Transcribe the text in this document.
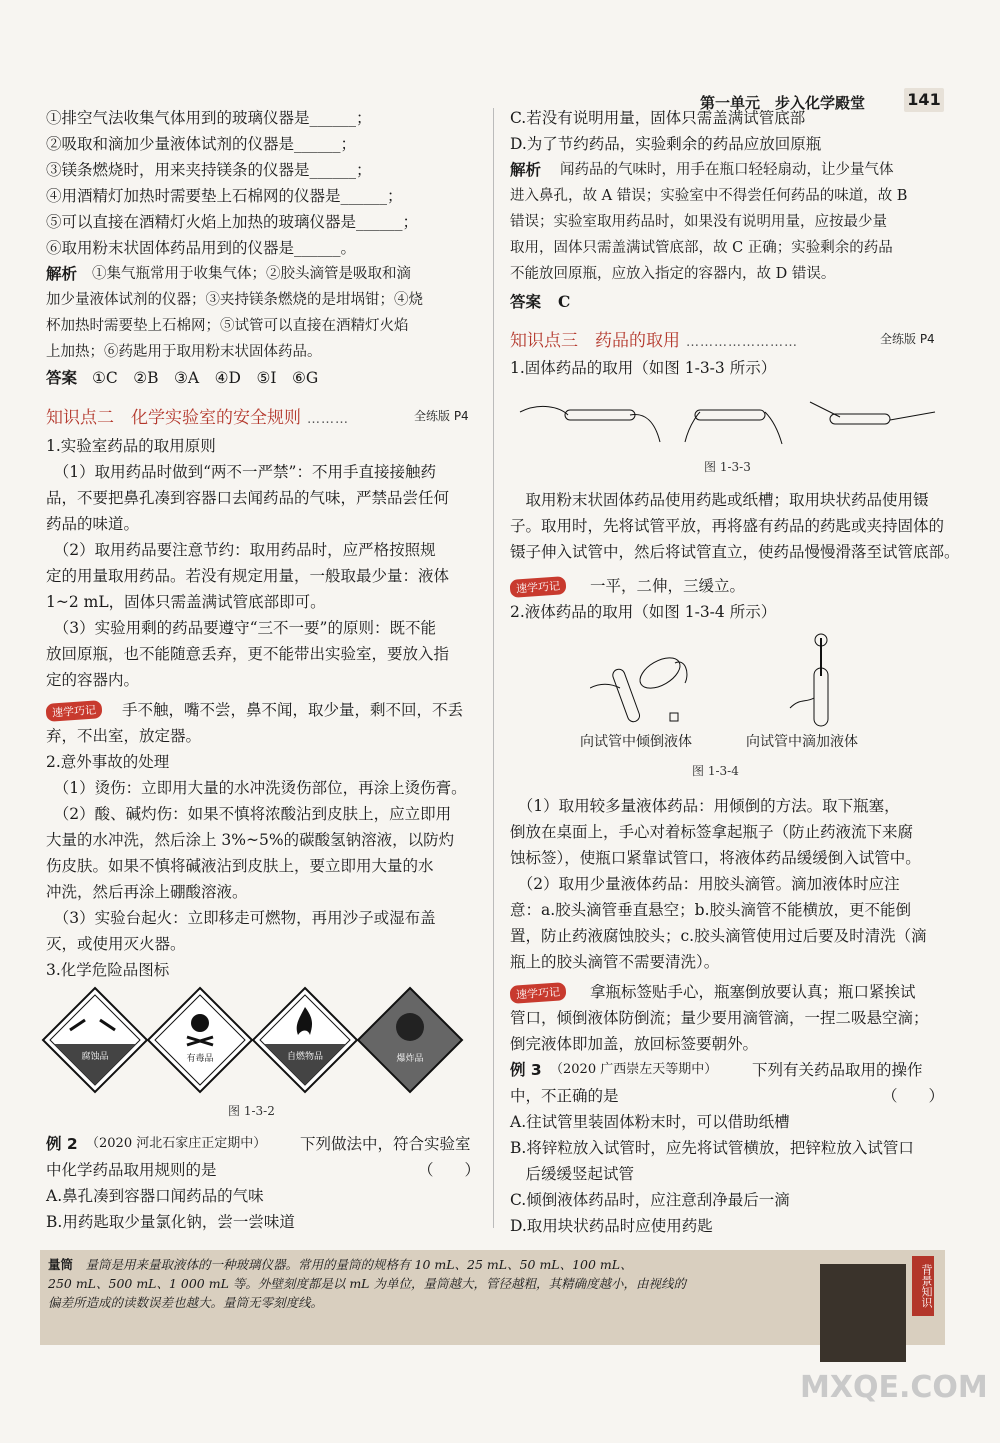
第一单元　步入化学殿堂	141
①排空气法收集气体用到的玻璃仪器是______；
②吸取和滴加少量液体试剂的仪器是______；
③镁条燃烧时，用来夹持镁条的仪器是______；
④用酒精灯加热时需要垫上石棉网的仪器是______；
⑤可以直接在酒精灯火焰上加热的玻璃仪器是______；
⑥取用粉末状固体药品用到的仪器是______。
解析 ①集气瓶常用于收集气体；②胶头滴管是吸取和滴
加少量液体试剂的仪器；③夹持镁条燃烧的是坩埚钳；④烧
杯加热时需要垫上石棉网；⑤试管可以直接在酒精灯火焰
上加热；⑥药匙用于取用粉末状固体药品。
答案 ①C　②B　③A　④D　⑤I　⑥G
知识点二　化学实验室的安全规则 ………	全练版 P4
1.实验室药品的取用原则
　（1）取用药品时做到“两不一严禁”：不用手直接接触药
品，不要把鼻孔凑到容器口去闻药品的气味，严禁品尝任何
药品的味道。
　（2）取用药品要注意节约：取用药品时，应严格按照规
定的用量取用药品。若没有规定用量，一般取最少量：液体
1~2 mL，固体只需盖满试管底部即可。
　（3）实验用剩的药品要遵守“三不一要”的原则：既不能
放回原瓶，也不能随意丢弃，更不能带出实验室，要放入指
定的容器内。
速学巧记	手不触，嘴不尝，鼻不闻，取少量，剩不回，不丢
弃，不出室，放定器。
2.意外事故的处理
　（1）烫伤：立即用大量的水冲洗烫伤部位，再涂上烫伤膏。
　（2）酸、碱灼伤：如果不慎将浓酸沾到皮肤上，应立即用
大量的水冲洗，然后涂上 3%~5%的碳酸氢钠溶液，以防灼
伤皮肤。如果不慎将碱液沾到皮肤上，要立即用大量的水
冲洗，然后再涂上硼酸溶液。
　（3）实验台起火：立即移走可燃物，再用沙子或湿布盖
灭，或使用灭火器。
3.化学危险品图标
腐蚀品	有毒品	自燃物品	爆炸品
图 1-3-2
例 2 （2020 河北石家庄正定期中） 下列做法中，符合实验室
中化学药品取用规则的是	（　　）
A.鼻孔凑到容器口闻药品的气味
B.用药匙取少量氯化钠，尝一尝味道
C.若没有说明用量，固体只需盖满试管底部
D.为了节约药品，实验剩余的药品应放回原瓶
解析 闻药品的气味时，用手在瓶口轻轻扇动，让少量气体
进入鼻孔，故 A 错误；实验室中不得尝任何药品的味道，故 B
错误；实验室取用药品时，如果没有说明用量，应按最少量
取用，固体只需盖满试管底部，故 C 正确；实验剩余的药品
不能放回原瓶，应放入指定的容器内，故 D 错误。
答案 C
知识点三　药品的取用 ……………………	全练版 P4
1.固体药品的取用（如图 1-3-3 所示）
图 1-3-3
　取用粉末状固体药品使用药匙或纸槽；取用块状药品使用镊
子。取用时，先将试管平放，再将盛有药品的药匙或夹持固体的
镊子伸入试管中，然后将试管直立，使药品慢慢滑落至试管底部。
速学巧记	一平，二伸，三缓立。
2.液体药品的取用（如图 1-3-4 所示）
向试管中倾倒液体	向试管中滴加液体
图 1-3-4
　（1）取用较多量液体药品：用倾倒的方法。取下瓶塞，
倒放在桌面上，手心对着标签拿起瓶子（防止药液流下来腐
蚀标签），使瓶口紧靠试管口，将液体药品缓缓倒入试管中。
　（2）取用少量液体药品：用胶头滴管。滴加液体时应注
意：a.胶头滴管垂直悬空；b.胶头滴管不能横放，更不能倒
置，防止药液腐蚀胶头；c.胶头滴管使用过后要及时清洗（滴
瓶上的胶头滴管不需要清洗）。
速学巧记	拿瓶标签贴手心，瓶塞倒放要认真；瓶口紧挨试
管口，倾倒液体防倒流；量少要用滴管滴，一捏二吸悬空滴；
倒完液体即加盖，放回标签要朝外。
例 3 （2020 广西崇左天等期中） 下列有关药品取用的操作
中，不正确的是	（　　）
A.往试管里装固体粉末时，可以借助纸槽
B.将锌粒放入试管时，应先将试管横放，把锌粒放入试管口
　后缓缓竖起试管
C.倾倒液体药品时，应注意刮净最后一滴
D.取用块状药品时应使用药匙
量筒　 量筒是用来量取液体的一种玻璃仪器。常用的量筒的规格有 10 mL、25 mL、50 mL、100 mL、
250 mL、500 mL、1 000 mL 等。外壁刻度都是以 mL 为单位，量筒越大，管径越粗，其精确度越小，由视线的
偏差所造成的读数误差也越大。量筒无零刻度线。	背景知识
MXQE.COM
